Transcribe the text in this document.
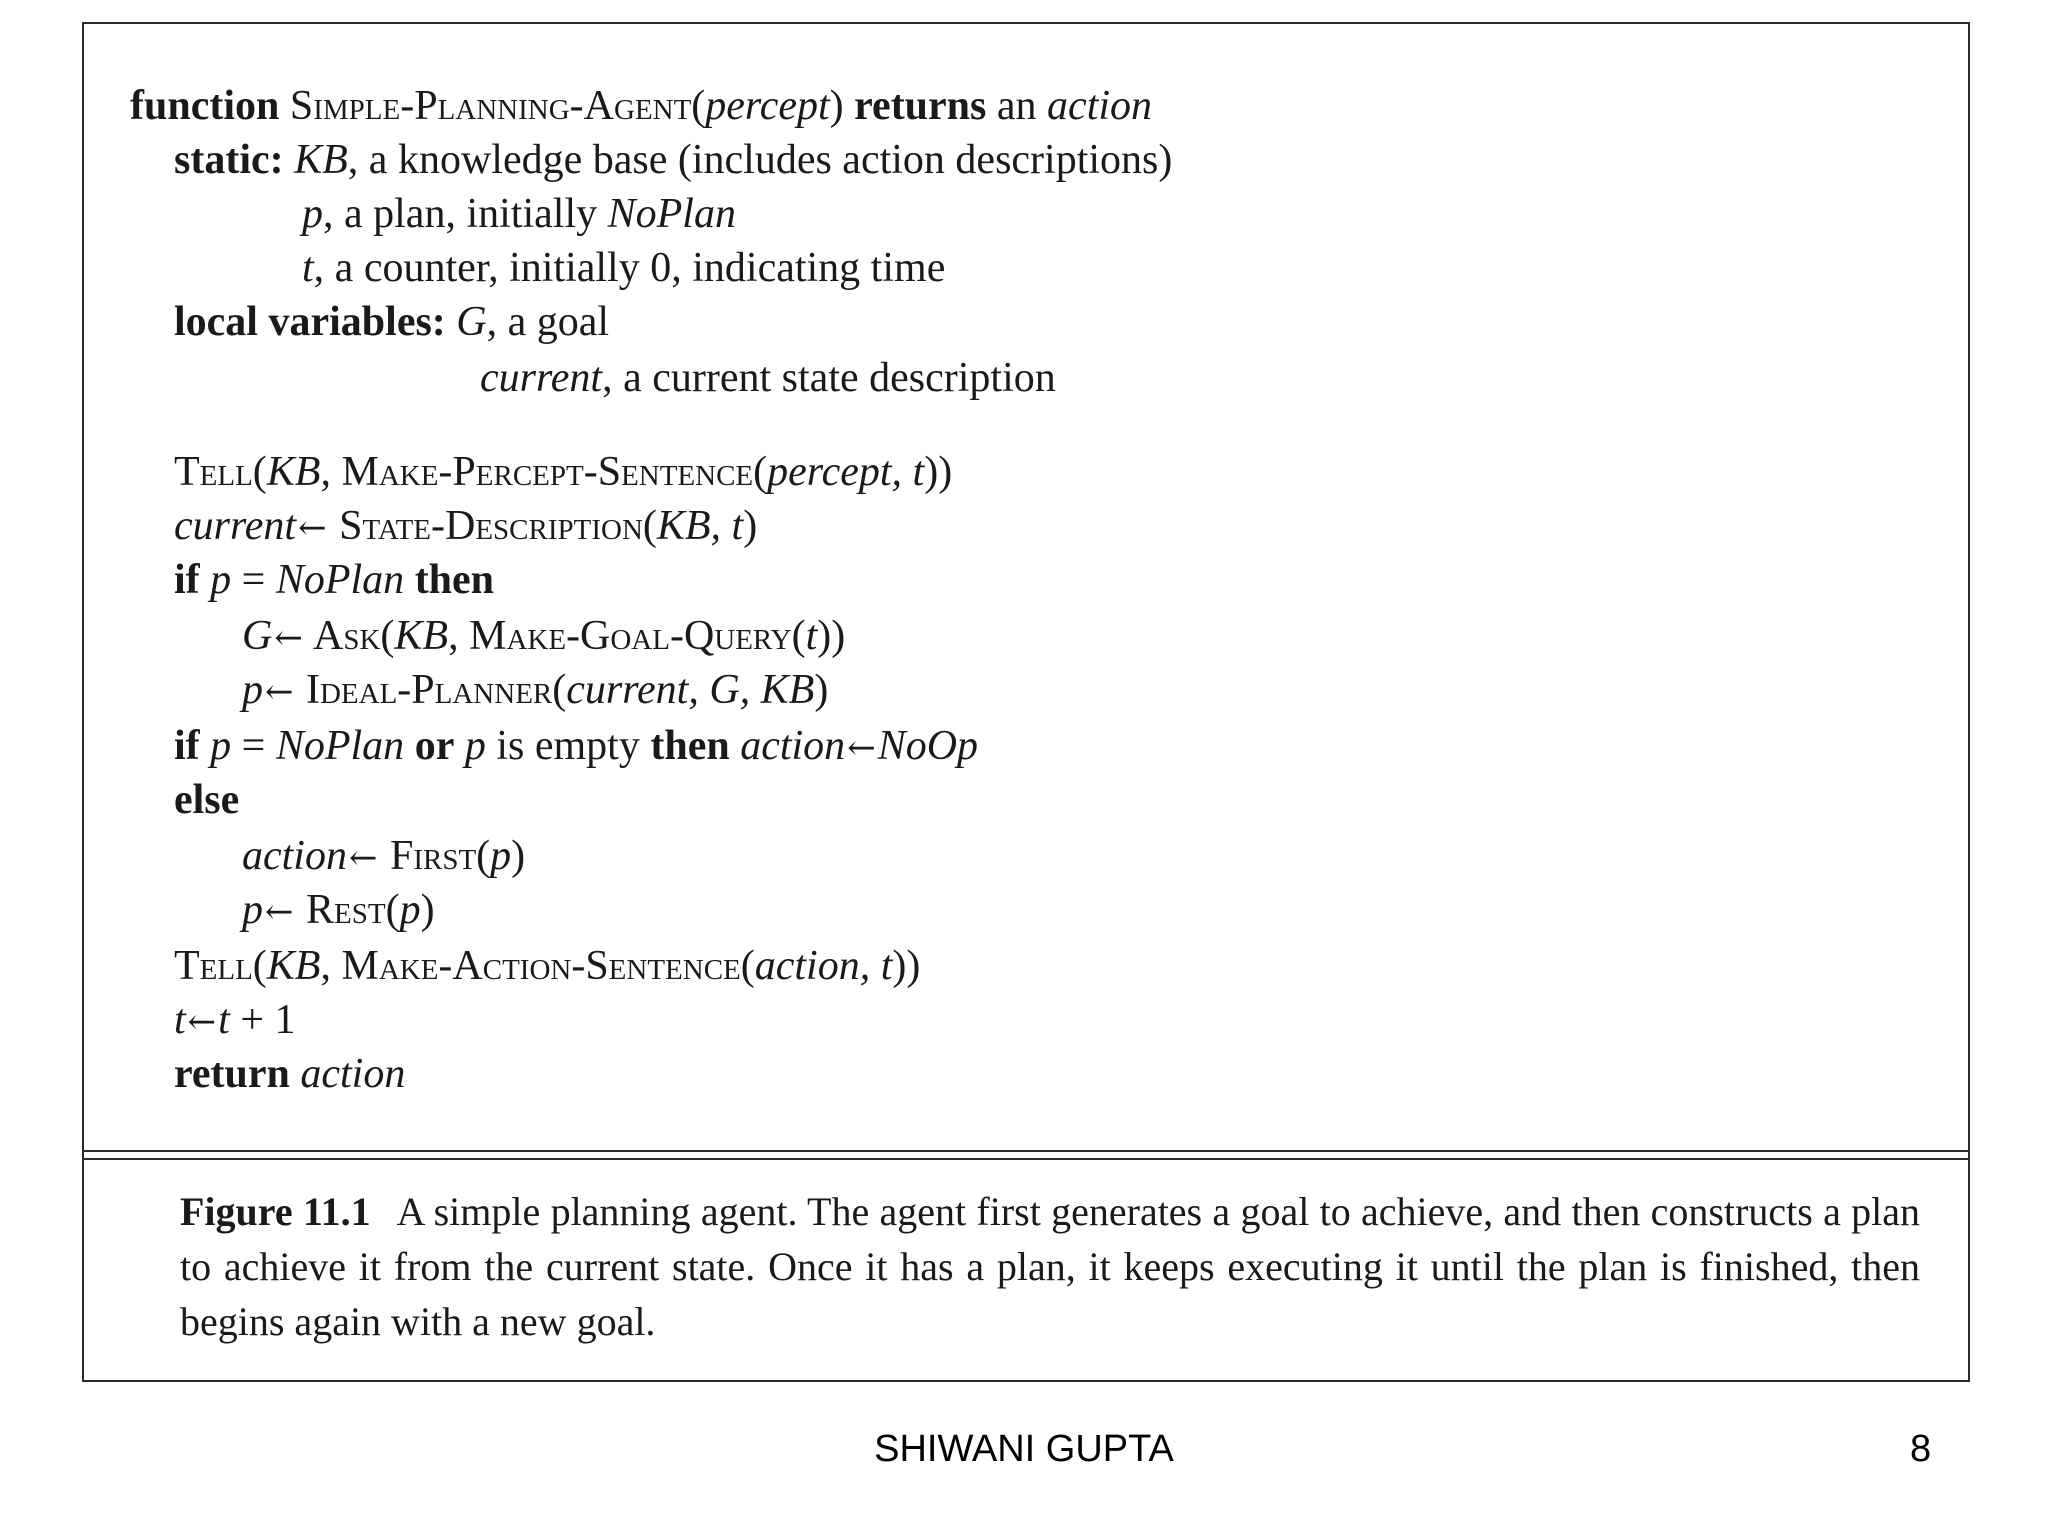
function Simple-Planning-Agent(percept) returns an action
static: KB, a knowledge base (includes action descriptions)
p, a plan, initially NoPlan
t, a counter, initially 0, indicating time
local variables: G, a goal
current, a current state description
Tell(KB, Make-Percept-Sentence(percept, t))
current← State-Description(KB, t)
if p = NoPlan then
G← Ask(KB, Make-Goal-Query(t))
p← Ideal-Planner(current, G, KB)
if p = NoPlan or p is empty then action←NoOp
else
action← First(p)
p← Rest(p)
Tell(KB, Make-Action-Sentence(action, t))
t←t + 1
return action
Figure 11.1 A simple planning agent. The agent first generates a goal to achieve, and then constructs a plan to achieve it from the current state. Once it has a plan, it keeps executing it until the plan is finished, then begins again with a new goal.
SHIWANI GUPTA	8
